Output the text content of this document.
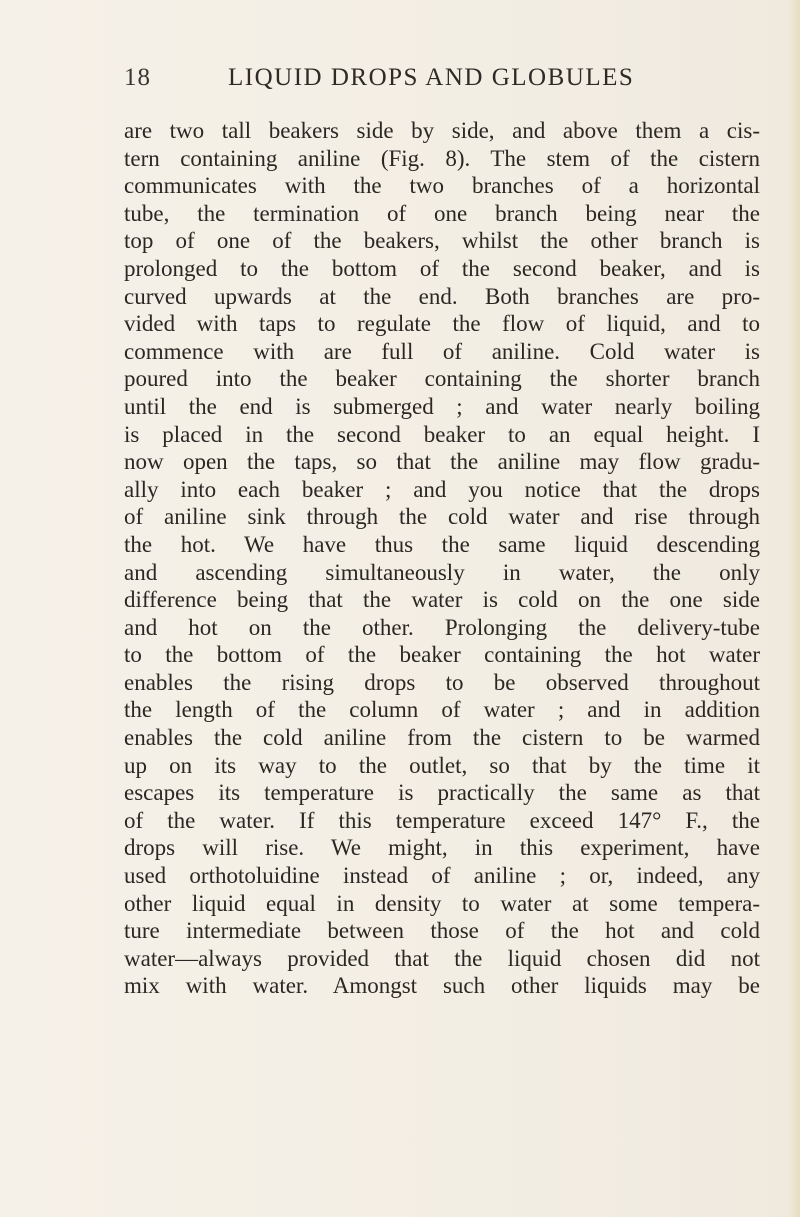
18	LIQUID DROPS AND GLOBULES
are two tall beakers side by side, and above them a cis-
tern containing aniline (Fig. 8). The stem of the cistern
communicates with the two branches of a horizontal
tube, the termination of one branch being near the
top of one of the beakers, whilst the other branch is
prolonged to the bottom of the second beaker, and is
curved upwards at the end. Both branches are pro-
vided with taps to regulate the flow of liquid, and to
commence with are full of aniline. Cold water is
poured into the beaker containing the shorter branch
until the end is submerged ; and water nearly boiling
is placed in the second beaker to an equal height. I
now open the taps, so that the aniline may flow gradu-
ally into each beaker ; and you notice that the drops
of aniline sink through the cold water and rise through
the hot. We have thus the same liquid descending
and ascending simultaneously in water, the only
difference being that the water is cold on the one side
and hot on the other. Prolonging the delivery-tube
to the bottom of the beaker containing the hot water
enables the rising drops to be observed throughout
the length of the column of water ; and in addition
enables the cold aniline from the cistern to be warmed
up on its way to the outlet, so that by the time it
escapes its temperature is practically the same as that
of the water. If this temperature exceed 147° F., the
drops will rise. We might, in this experiment, have
used orthotoluidine instead of aniline ; or, indeed, any
other liquid equal in density to water at some tempera-
ture intermediate between those of the hot and cold
water—always provided that the liquid chosen did not
mix with water. Amongst such other liquids may be
